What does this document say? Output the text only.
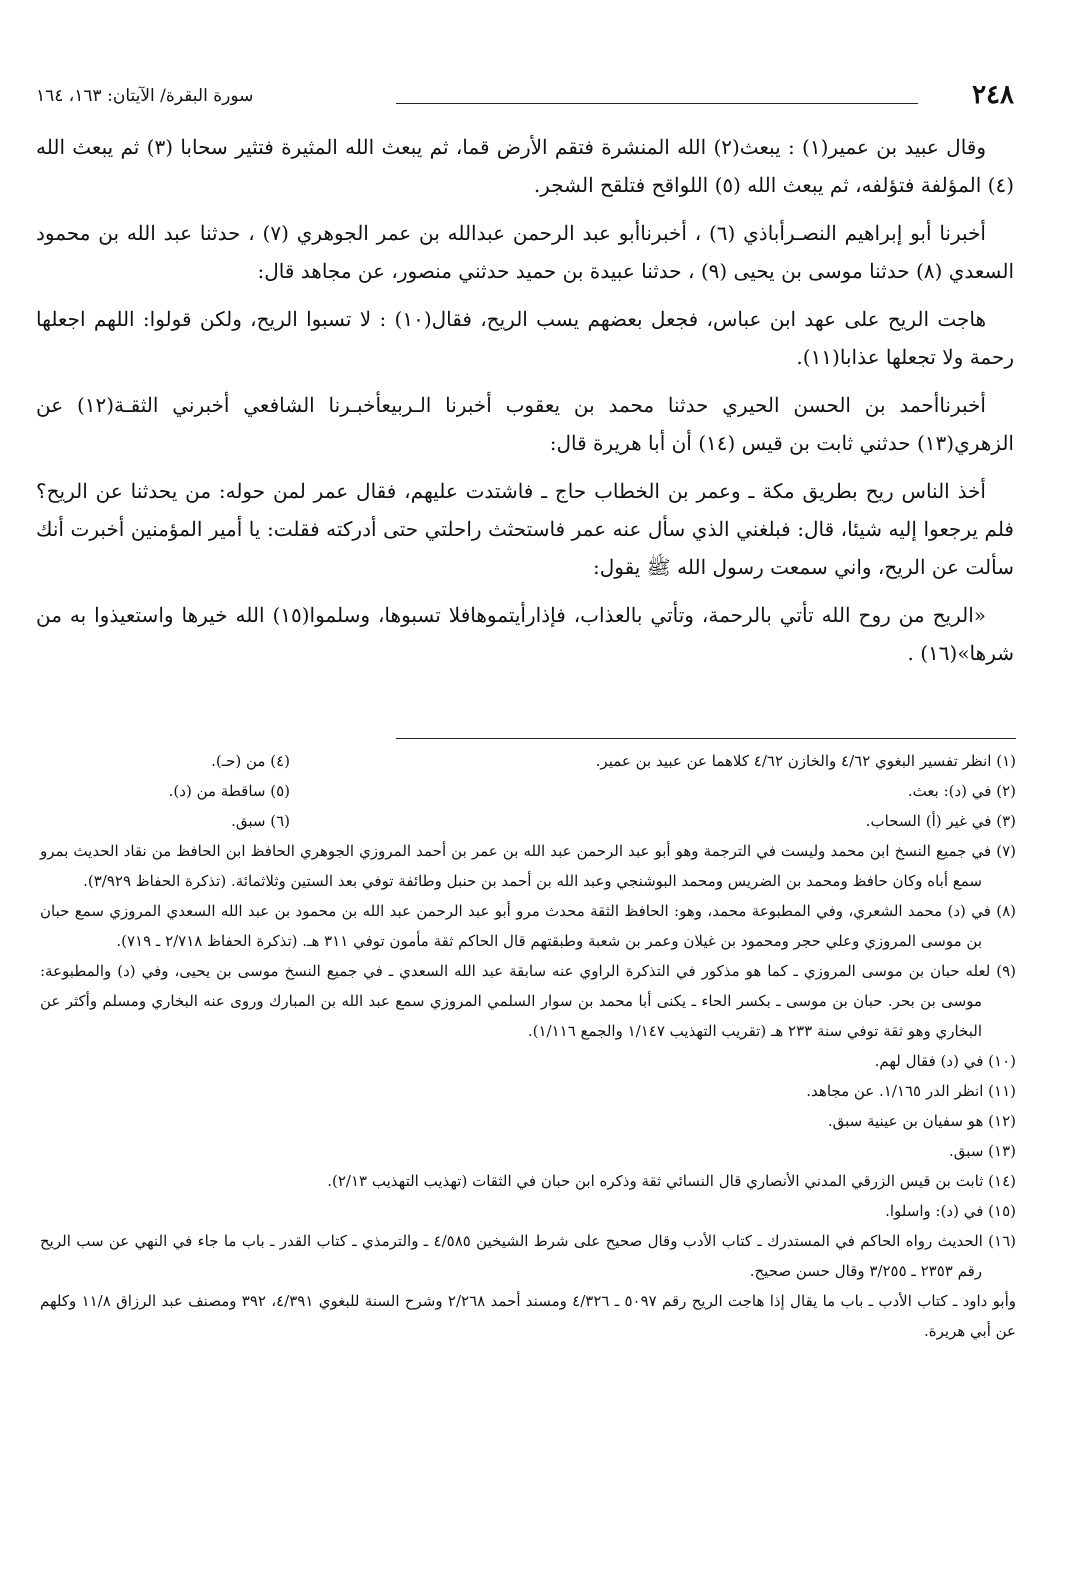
٢٤٨
سورة البقرة/ الآيتان: ١٦٣، ١٦٤

وقال عبيد بن عمير(١) : يبعث(٢) الله المنشرة فتقم الأرض قما، ثم يبعث الله المثيرة فتثير سحابا (٣) ثم يبعث الله (٤) المؤلفة فتؤلفه، ثم يبعث الله (٥) اللواقح فتلقح الشجر.

أخبرنا أبو إبراهيم النصـرأباذي (٦) ، أخبرناأبو عبد الرحمن عبدالله بن عمر الجوهري (٧) ، حدثنا عبد الله بن محمود السعدي (٨) حدثنا موسى بن يحيى (٩) ، حدثنا عبيدة بن حميد حدثني منصور، عن مجاهد قال:

هاجت الريح على عهد ابن عباس، فجعل بعضهم يسب الريح، فقال(١٠) : لا تسبوا الريح، ولكن قولوا: اللهم اجعلها رحمة ولا تجعلها عذابا(١١).

أخبرناأحمد بن الحسن الحيري حدثنا محمد بن يعقوب أخبرنا الـربيعأخبـرنا الشافعي أخبرني الثقـة(١٢) عن الزهري(١٣) حدثني ثابت بن قيس (١٤) أن أبا هريرة قال:

أخذ الناس ريح بطريق مكة ـ وعمر بن الخطاب حاج ـ فاشتدت عليهم، فقال عمر لمن حوله: من يحدثنا عن الريح؟ فلم يرجعوا إليه شيئا، قال: فبلغني الذي سأل عنه عمر فاستحثث راحلتي حتى أدركته فقلت: يا أمير المؤمنين أخبرت أنك سألت عن الريح، واني سمعت رسول الله ﷺ يقول:

«الريح من روح الله تأتي بالرحمة، وتأتي بالعذاب، فإذارأيتموهافلا تسبوها، وسلموا(١٥) الله خيرها واستعيذوا به من شرها»(١٦) .

(١) انظر تفسير البغوي ٤/٦٢ والخازن ٤/٦٢ كلاهما عن عبيد بن عمير.
(٤) من (حـ).
(٢) في (د): بعث.
(٥) ساقطة من (د).
(٣) في غير (أ) السحاب.
(٦) سبق.
(٧) في جميع النسخ ابن محمد وليست في الترجمة وهو أبو عبد الرحمن عبد الله بن عمر بن أحمد المروزي الجوهري الحافظ ابن الحافظ من نقاد الحديث بمرو سمع أباه وكان حافظ ومحمد بن الضريس ومحمد البوشنجي وعبد الله بن أحمد بن حنبل وطائفة توفي بعد الستين وثلاثمائة. (تذكرة الحفاظ ٣/٩٢٩).
(٨) في (د) محمد الشعري، وفي المطبوعة محمد، وهو: الحافظ الثقة محدث مرو أبو عبد الرحمن عبد الله بن محمود بن عبد الله السعدي المروزي سمع حبان بن موسى المروزي وعلي حجر ومحمود بن غيلان وعمر بن شعبة وطبقتهم قال الحاكم ثقة مأمون توفي ٣١١ هـ. (تذكرة الحفاظ ٢/٧١٨ ـ ٧١٩).
(٩) لعله حبان بن موسى المروزي ـ كما هو مذكور في التذكرة الراوي عنه سابقة عبد الله السعدي ـ في جميع النسخ موسى بن يحيى، وفي (د) والمطبوعة: موسى بن بحر. حبان بن موسى ـ بكسر الحاء ـ يكنى أبا محمد بن سوار السلمي المروزي سمع عبد الله بن المبارك وروى عنه البخاري ومسلم وأكثر عن البخاري وهو ثقة توفي سنة ٢٣٣ هـ (تقريب التهذيب ١/١٤٧ والجمع ١/١١٦).
(١٠) في (د) فقال لهم.
(١١) انظر الدر ١/١٦٥. عن مجاهد.
(١٢) هو سفيان بن عينية سبق.
(١٣) سبق.
(١٤) ثابت بن قيس الزرقي المدني الأنصاري قال النسائي ثقة وذكره ابن حبان في الثقات (تهذيب التهذيب ٢/١٣).
(١٥) في (د): واسلوا.
(١٦) الحديث رواه الحاكم في المستدرك ـ كتاب الأدب وقال صحيح على شرط الشيخين ٤/٥٨٥ ـ والترمذي ـ كتاب القدر ـ باب ما جاء في النهي عن سب الريح رقم ٢٣٥٣ ـ ٣/٢٥٥ وقال حسن صحيح.
وأبو داود ـ كتاب الأدب ـ باب ما يقال إذا هاجت الريح رقم ٥٠٩٧ ـ ٤/٣٢٦ ومسند أحمد ٢/٢٦٨ وشرح السنة للبغوي ٤/٣٩١، ٣٩٢ ومصنف عبد الرزاق ١١/٨ وكلهم عن أبي هريرة.
